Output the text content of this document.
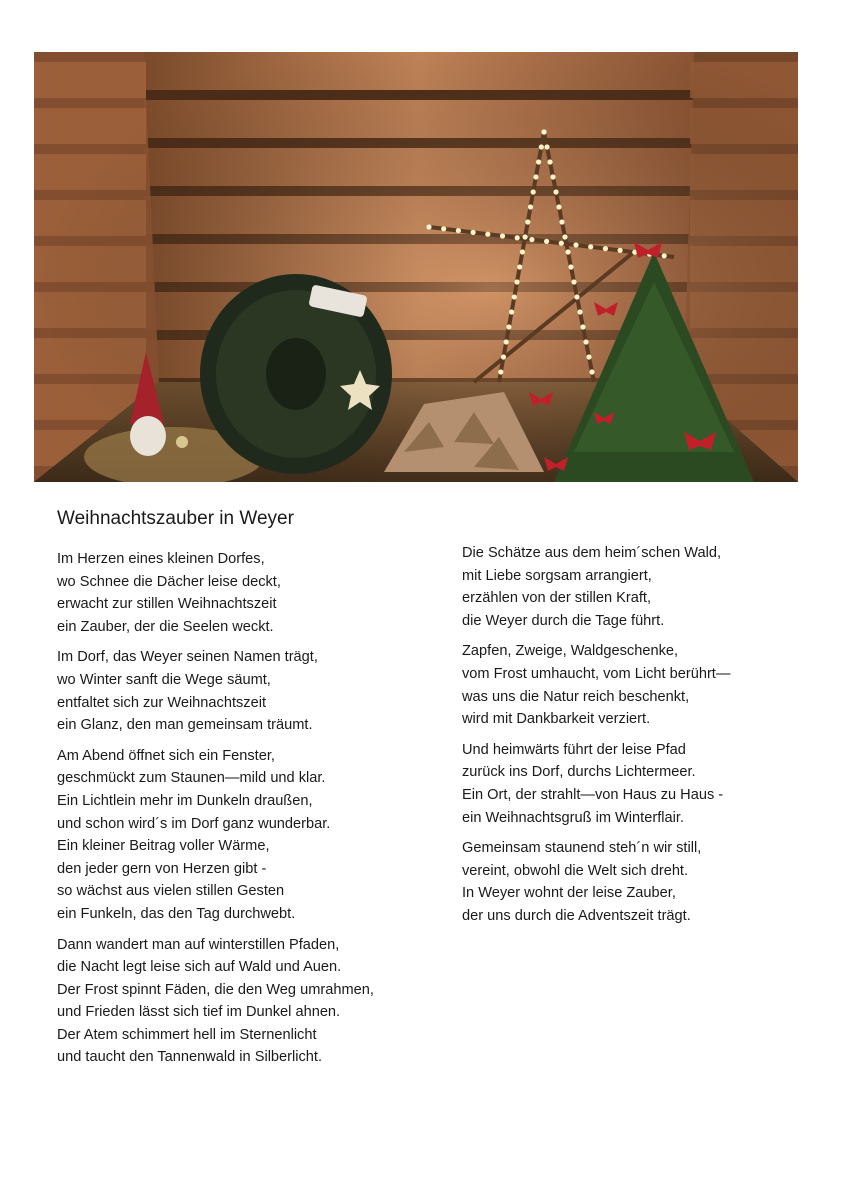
Weihnachtszauber in Weyer

Im Herzen eines kleinen Dorfes,
wo Schnee die Dächer leise deckt,
erwacht zur stillen Weihnachtszeit
ein Zauber, der die Seelen weckt.

Im Dorf, das Weyer seinen Namen trägt,
wo Winter sanft die Wege säumt,
entfaltet sich zur Weihnachtszeit
ein Glanz, den man gemeinsam träumt.

Am Abend öffnet sich ein Fenster,
geschmückt zum Staunen—mild und klar.
Ein Lichtlein mehr im Dunkeln draußen,
und schon wird´s im Dorf ganz wunderbar.
Ein kleiner Beitrag voller Wärme,
den jeder gern von Herzen gibt -
so wächst aus vielen stillen Gesten
ein Funkeln, das den Tag durchwebt.

Dann wandert man auf winterstillen Pfaden,
die Nacht legt leise sich auf Wald und Auen.
Der Frost spinnt Fäden, die den Weg umrahmen,
und Frieden lässt sich tief im Dunkel ahnen.
Der Atem schimmert hell im Sternenlicht
und taucht den Tannenwald in Silberlicht.

Die Schätze aus dem heim´schen Wald,
mit Liebe sorgsam arrangiert,
erzählen von der stillen Kraft,
die Weyer durch die Tage führt.

Zapfen, Zweige, Waldgeschenke,
vom Frost umhaucht, vom Licht berührt—
was uns die Natur reich beschenkt,
wird mit Dankbarkeit verziert.

Und heimwärts führt der leise Pfad
zurück ins Dorf, durchs Lichtermeer.
Ein Ort, der strahlt—von Haus zu Haus -
ein Weihnachtsgruß im Winterflair.

Gemeinsam staunend steh´n wir still,
vereint, obwohl die Welt sich dreht.
In Weyer wohnt der leise Zauber,
der uns durch die Adventszeit trägt.
